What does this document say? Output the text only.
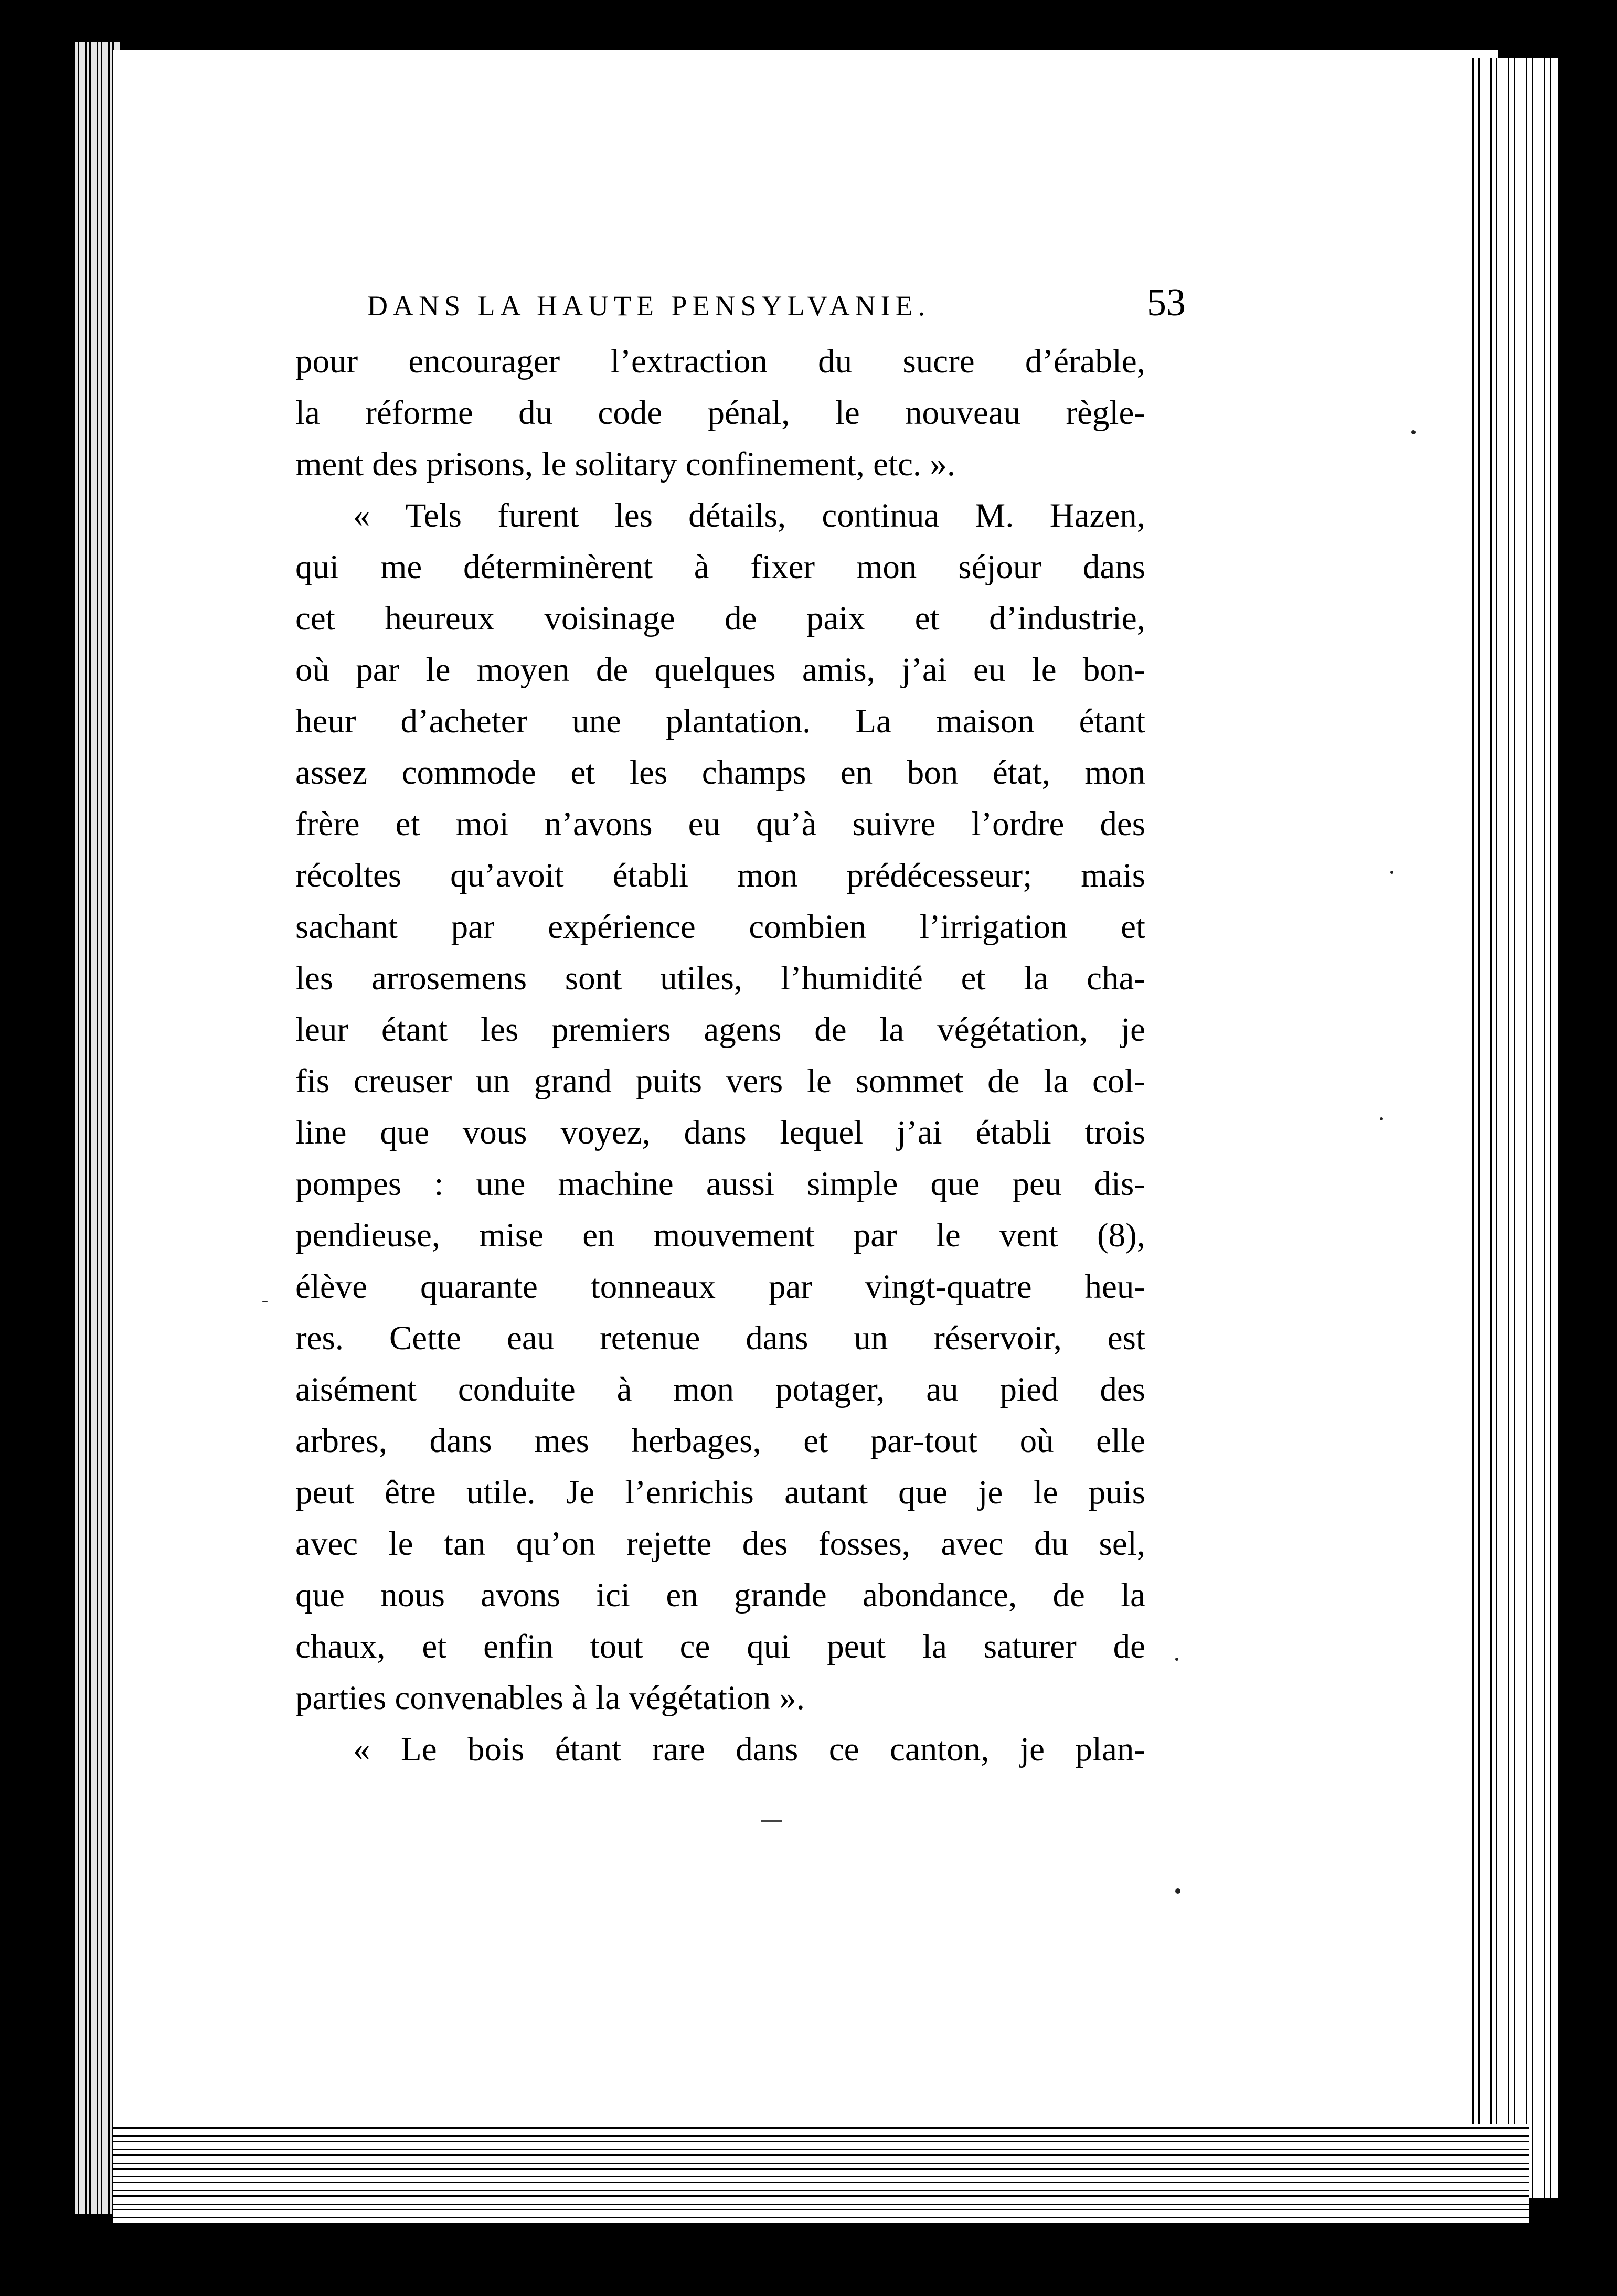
DANS LA HAUTE PENSYLVANIE.	53
pour encourager l’extraction du sucre d’érable,
la réforme du code pénal, le nouveau règle-
ment des prisons, le solitary confinement, etc. ».
« Tels furent les détails, continua M. Hazen,
qui me déterminèrent à fixer mon séjour dans
cet heureux voisinage de paix et d’industrie,
où par le moyen de quelques amis, j’ai eu le bon-
heur d’acheter une plantation. La maison étant
assez commode et les champs en bon état, mon
frère et moi n’avons eu qu’à suivre l’ordre des
récoltes qu’avoit établi mon prédécesseur; mais
sachant par expérience combien l’irrigation et
les arrosemens sont utiles, l’humidité et la cha-
leur étant les premiers agens de la végétation, je
fis creuser un grand puits vers le sommet de la col-
line que vous voyez, dans lequel j’ai établi trois
pompes : une machine aussi simple que peu dis-
pendieuse, mise en mouvement par le vent (8),
élève quarante tonneaux par vingt-quatre heu-
res. Cette eau retenue dans un réservoir, est
aisément conduite à mon potager, au pied des
arbres, dans mes herbages, et par-tout où elle
peut être utile. Je l’enrichis autant que je le puis
avec le tan qu’on rejette des fosses, avec du sel,
que nous avons ici en grande abondance, de la
chaux, et enfin tout ce qui peut la saturer de
parties convenables à la végétation ».
« Le bois étant rare dans ce canton, je plan-
